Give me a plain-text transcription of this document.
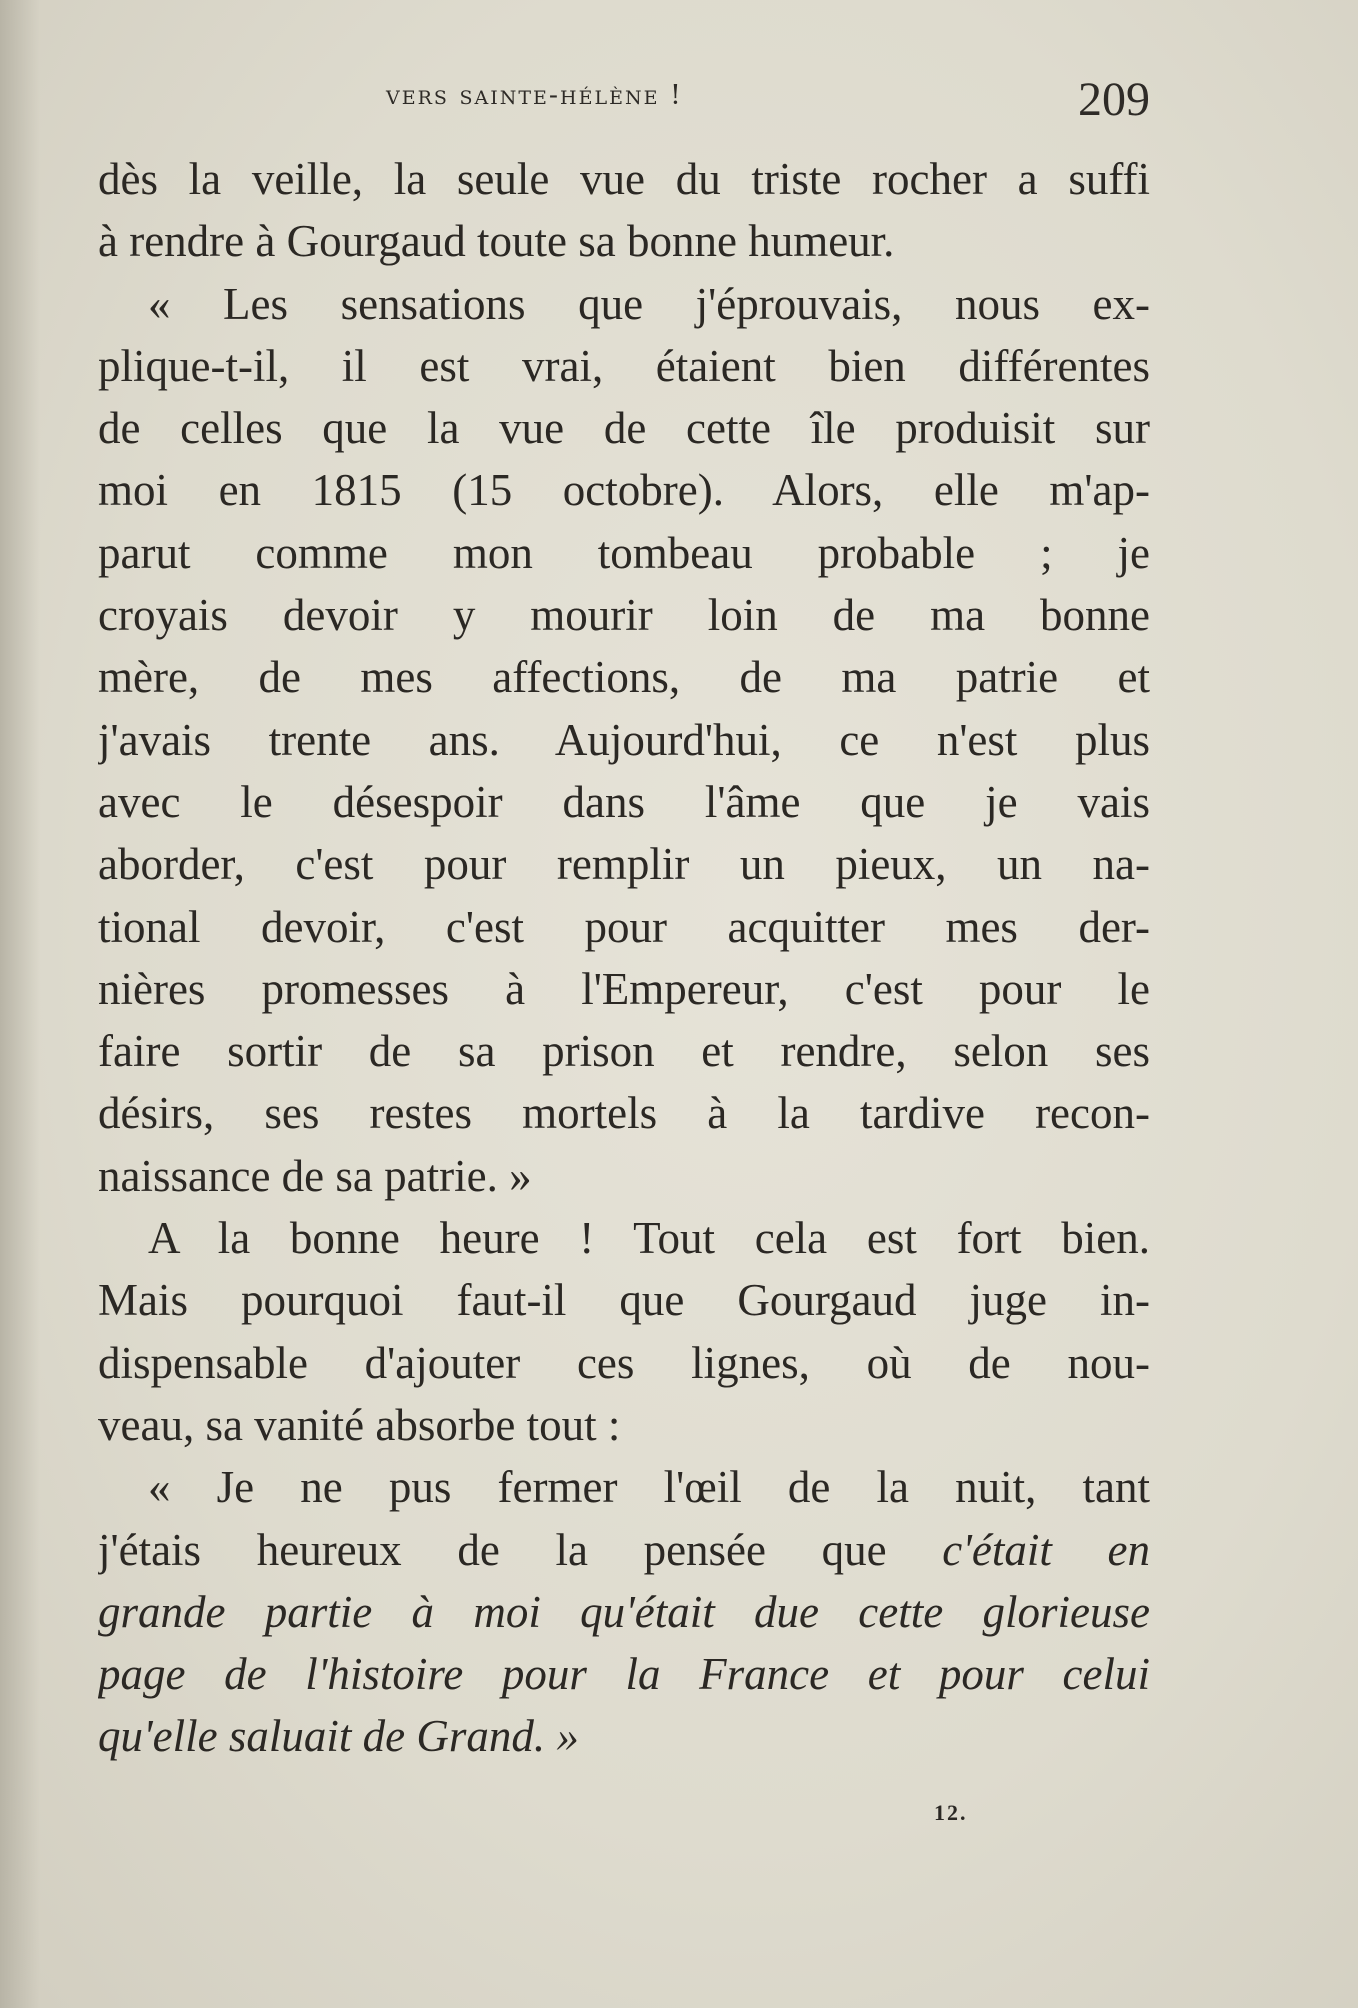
vers sainte-hélène !	209
dès la veille, la seule vue du triste rocher a suffi
à rendre à Gourgaud toute sa bonne humeur.
« Les sensations que j'éprouvais, nous ex-
plique-t-il, il est vrai, étaient bien différentes
de celles que la vue de cette île produisit sur
moi en 1815 (15 octobre). Alors, elle m'ap-
parut comme mon tombeau probable ; je
croyais devoir y mourir loin de ma bonne
mère, de mes affections, de ma patrie et
j'avais trente ans. Aujourd'hui, ce n'est plus
avec le désespoir dans l'âme que je vais
aborder, c'est pour remplir un pieux, un na-
tional devoir, c'est pour acquitter mes der-
nières promesses à l'Empereur, c'est pour le
faire sortir de sa prison et rendre, selon ses
désirs, ses restes mortels à la tardive recon-
naissance de sa patrie. »
A la bonne heure ! Tout cela est fort bien.
Mais pourquoi faut-il que Gourgaud juge in-
dispensable d'ajouter ces lignes, où de nou-
veau, sa vanité absorbe tout :
« Je ne pus fermer l'œil de la nuit, tant
j'étais heureux de la pensée que c'était en
grande partie à moi qu'était due cette glorieuse
page de l'histoire pour la France et pour celui
qu'elle saluait de Grand. »
12.
